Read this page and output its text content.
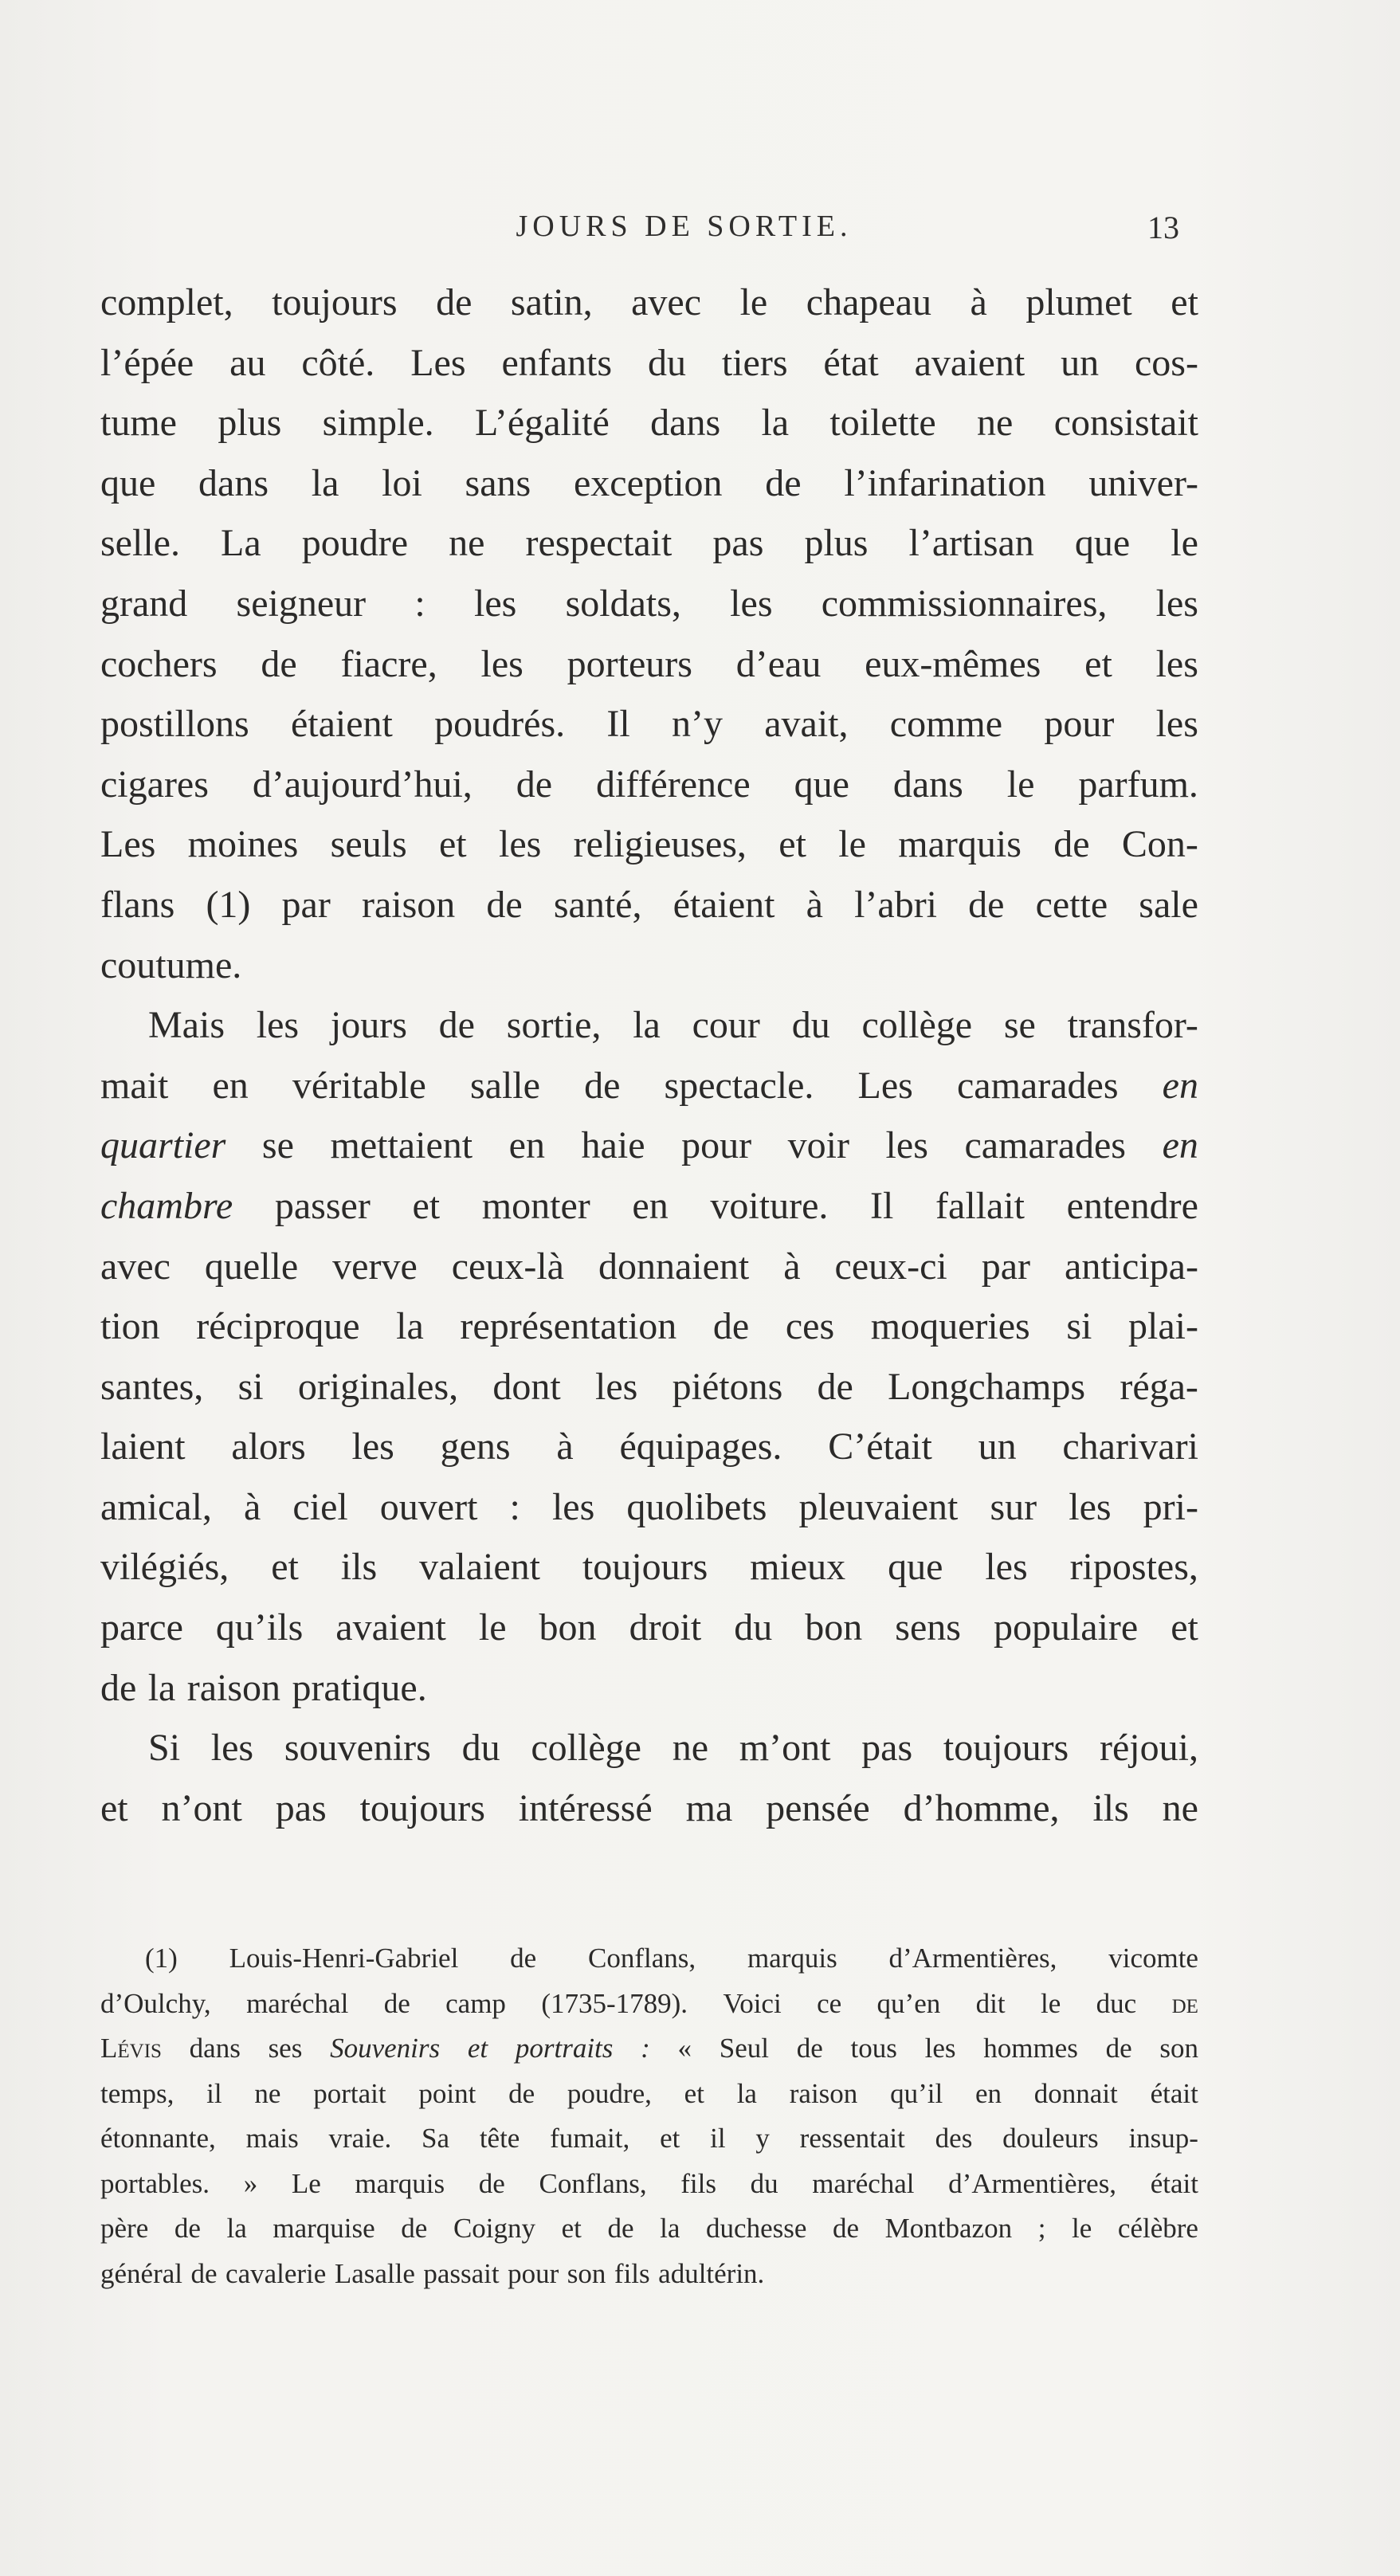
JOURS DE SORTIE.	13
complet, toujours de satin, avec le chapeau à plumet et
l’épée au côté. Les enfants du tiers état avaient un cos-
tume plus simple. L’égalité dans la toilette ne consistait
que dans la loi sans exception de l’infarination univer-
selle. La poudre ne respectait pas plus l’artisan que le
grand seigneur : les soldats, les commissionnaires, les
cochers de fiacre, les porteurs d’eau eux-mêmes et les
postillons étaient poudrés. Il n’y avait, comme pour les
cigares d’aujourd’hui, de différence que dans le parfum.
Les moines seuls et les religieuses, et le marquis de Con-
flans (1) par raison de santé, étaient à l’abri de cette sale
coutume.
Mais les jours de sortie, la cour du collège se transfor-
mait en véritable salle de spectacle. Les camarades en
quartier se mettaient en haie pour voir les camarades en
chambre passer et monter en voiture. Il fallait entendre
avec quelle verve ceux-là donnaient à ceux-ci par anticipa-
tion réciproque la représentation de ces moqueries si plai-
santes, si originales, dont les piétons de Longchamps réga-
laient alors les gens à équipages. C’était un charivari
amical, à ciel ouvert : les quolibets pleuvaient sur les pri-
vilégiés, et ils valaient toujours mieux que les ripostes,
parce qu’ils avaient le bon droit du bon sens populaire et
de la raison pratique.
Si les souvenirs du collège ne m’ont pas toujours réjoui,
et n’ont pas toujours intéressé ma pensée d’homme, ils ne
(1) Louis-Henri-Gabriel de Conflans, marquis d’Armentières, vicomte
d’Oulchy, maréchal de camp (1735-1789). Voici ce qu’en dit le duc de
Lévis dans ses Souvenirs et portraits : « Seul de tous les hommes de son
temps, il ne portait point de poudre, et la raison qu’il en donnait était
étonnante, mais vraie. Sa tête fumait, et il y ressentait des douleurs insup-
portables. » Le marquis de Conflans, fils du maréchal d’Armentières, était
père de la marquise de Coigny et de la duchesse de Montbazon ; le célèbre
général de cavalerie Lasalle passait pour son fils adultérin.
